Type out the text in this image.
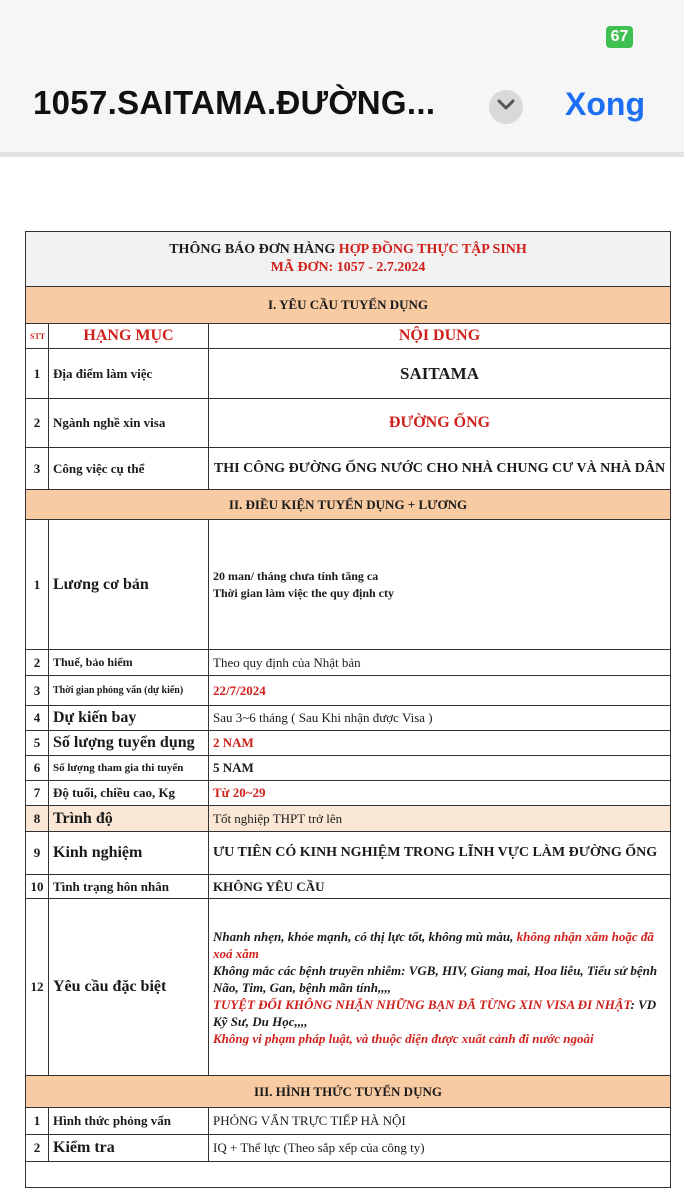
67
1057.SAITAMA.ĐƯỜNG...	Xong
THÔNG BÁO ĐƠN HÀNG HỢP ĐỒNG THỰC TẬP SINH
MÃ ĐƠN: 1057 - 2.7.2024		
I. YÊU CẦU TUYỂN DỤNG		
STT	HẠNG MỤC	NỘI DUNG
1	Địa điểm làm việc	SAITAMA
2	Ngành nghề xin visa	ĐƯỜNG ỐNG
3	Công việc cụ thể	THI CÔNG ĐƯỜNG ỐNG NƯỚC CHO NHÀ CHUNG CƯ VÀ NHÀ DÂN
II. ĐIỀU KIỆN TUYỂN DỤNG + LƯƠNG		
1	Lương cơ bản	20 man/ tháng chưa tính tăng ca
Thời gian làm việc the quy định cty
2	Thuế, bảo hiểm	Theo quy định của Nhật bản
3	Thời gian phỏng vấn (dự kiến)	22/7/2024
4	Dự kiến bay	Sau 3~6 tháng ( Sau Khi nhận được Visa )
5	Số lượng tuyển dụng	2 NAM
6	Số lượng tham gia thi tuyển	5 NAM
7	Độ tuổi, chiều cao, Kg	Từ 20~29
8	Trình độ	Tốt nghiệp THPT trở lên
9	Kinh nghiệm	ƯU TIÊN CÓ KINH NGHIỆM TRONG LĨNH VỰC LÀM ĐƯỜNG ỐNG
10	Tình trạng hôn nhân	KHÔNG YÊU CẦU
12	Yêu cầu đặc biệt	Nhanh nhẹn, khỏe mạnh, có thị lực tốt, không mù màu, không nhận xăm hoặc đã xoá xăm
Không mắc các bệnh truyền nhiễm: VGB, HIV, Giang mai, Hoa liễu, Tiểu sử bệnh Não, Tim, Gan, bệnh mãn tính,,,,
TUYỆT ĐỐI KHÔNG NHẬN NHỮNG BẠN ĐÃ TỪNG XIN VISA ĐI NHẬT: VD Kỹ Sư, Du Học,,,,
Không vi phạm pháp luật, và thuộc diện được xuất cảnh đi nước ngoài
III. HÌNH THỨC TUYỂN DỤNG		
1	Hình thức phỏng vấn	PHỎNG VẤN TRỰC TIẾP HÀ NỘI
2	Kiểm tra	IQ + Thể lực (Theo sắp xếp của công ty)
